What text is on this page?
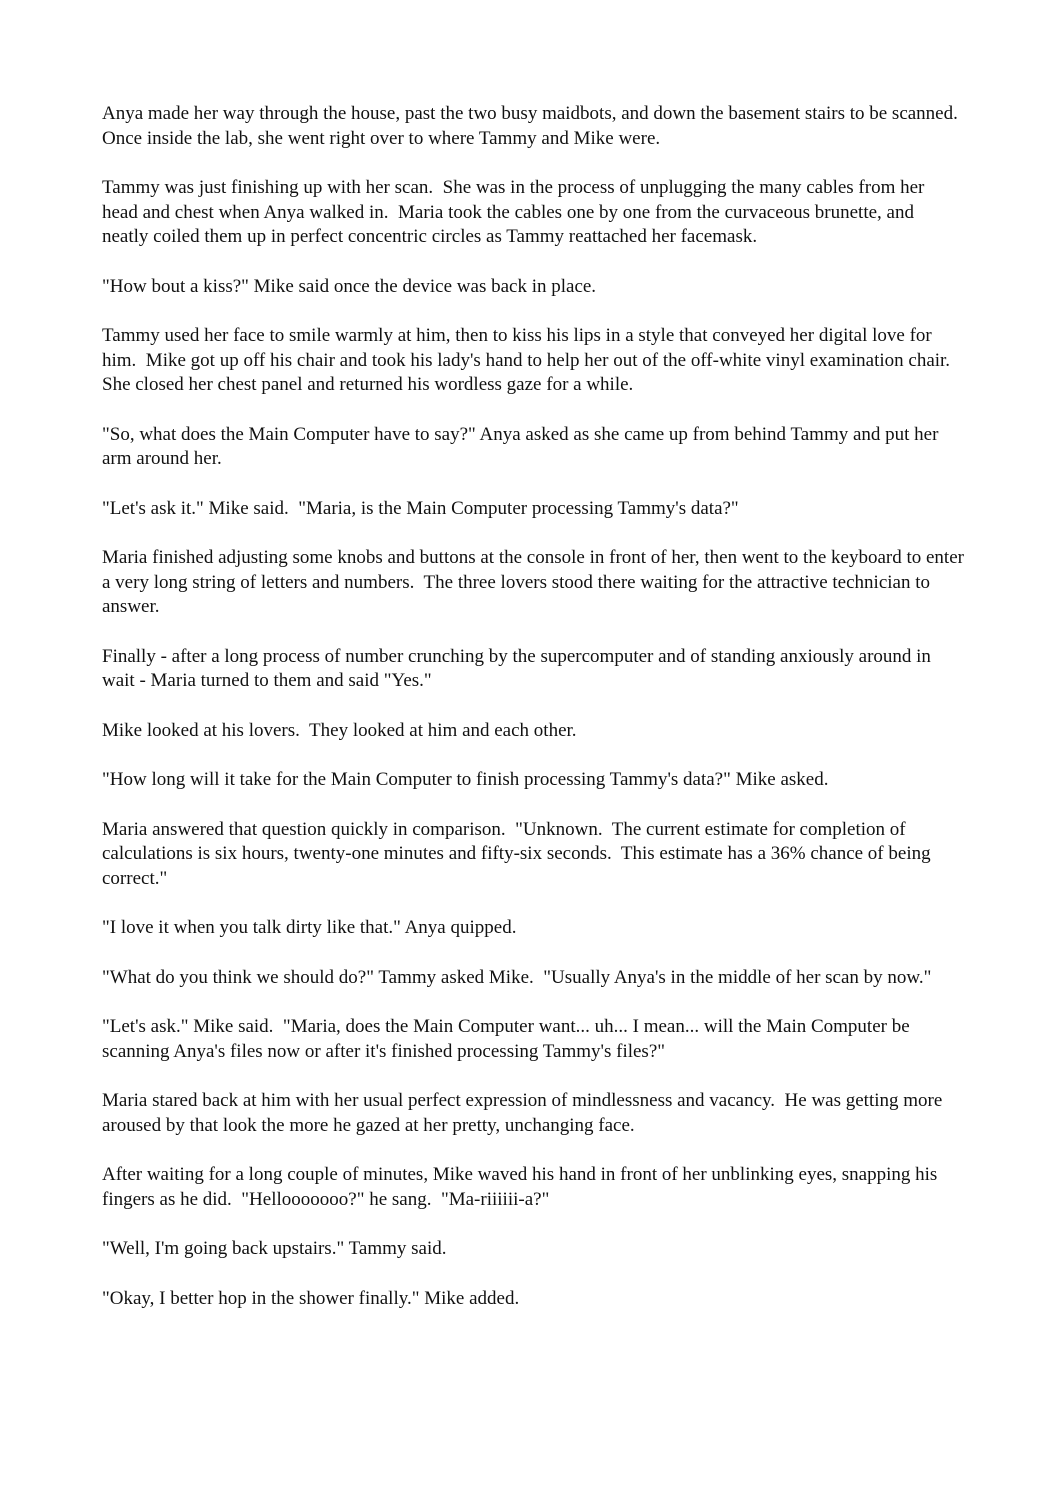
Anya made her way through the house, past the two busy maidbots, and down the basement stairs to be scanned.  Once inside the lab, she went right over to where Tammy and Mike were.

Tammy was just finishing up with her scan.  She was in the process of unplugging the many cables from her head and chest when Anya walked in.  Maria took the cables one by one from the curvaceous brunette, and neatly coiled them up in perfect concentric circles as Tammy reattached her facemask.

"How bout a kiss?" Mike said once the device was back in place.

Tammy used her face to smile warmly at him, then to kiss his lips in a style that conveyed her digital love for him.  Mike got up off his chair and took his lady's hand to help her out of the off-white vinyl examination chair.  She closed her chest panel and returned his wordless gaze for a while.

"So, what does the Main Computer have to say?" Anya asked as she came up from behind Tammy and put her arm around her.

"Let's ask it." Mike said.  "Maria, is the Main Computer processing Tammy's data?"

Maria finished adjusting some knobs and buttons at the console in front of her, then went to the keyboard to enter a very long string of letters and numbers.  The three lovers stood there waiting for the attractive technician to answer.

Finally - after a long process of number crunching by the supercomputer and of standing anxiously around in wait - Maria turned to them and said "Yes."

Mike looked at his lovers.  They looked at him and each other.

"How long will it take for the Main Computer to finish processing Tammy's data?" Mike asked.

Maria answered that question quickly in comparison.  "Unknown.  The current estimate for completion of calculations is six hours, twenty-one minutes and fifty-six seconds.  This estimate has a 36% chance of being correct."

"I love it when you talk dirty like that." Anya quipped.

"What do you think we should do?" Tammy asked Mike.  "Usually Anya's in the middle of her scan by now."

"Let's ask." Mike said.  "Maria, does the Main Computer want... uh... I mean... will the Main Computer be scanning Anya's files now or after it's finished processing Tammy's files?"

Maria stared back at him with her usual perfect expression of mindlessness and vacancy.  He was getting more aroused by that look the more he gazed at her pretty, unchanging face.

After waiting for a long couple of minutes, Mike waved his hand in front of her unblinking eyes, snapping his fingers as he did.  "Hellooooooo?" he sang.  "Ma-riiiiii-a?"

"Well, I'm going back upstairs." Tammy said.

"Okay, I better hop in the shower finally." Mike added.
